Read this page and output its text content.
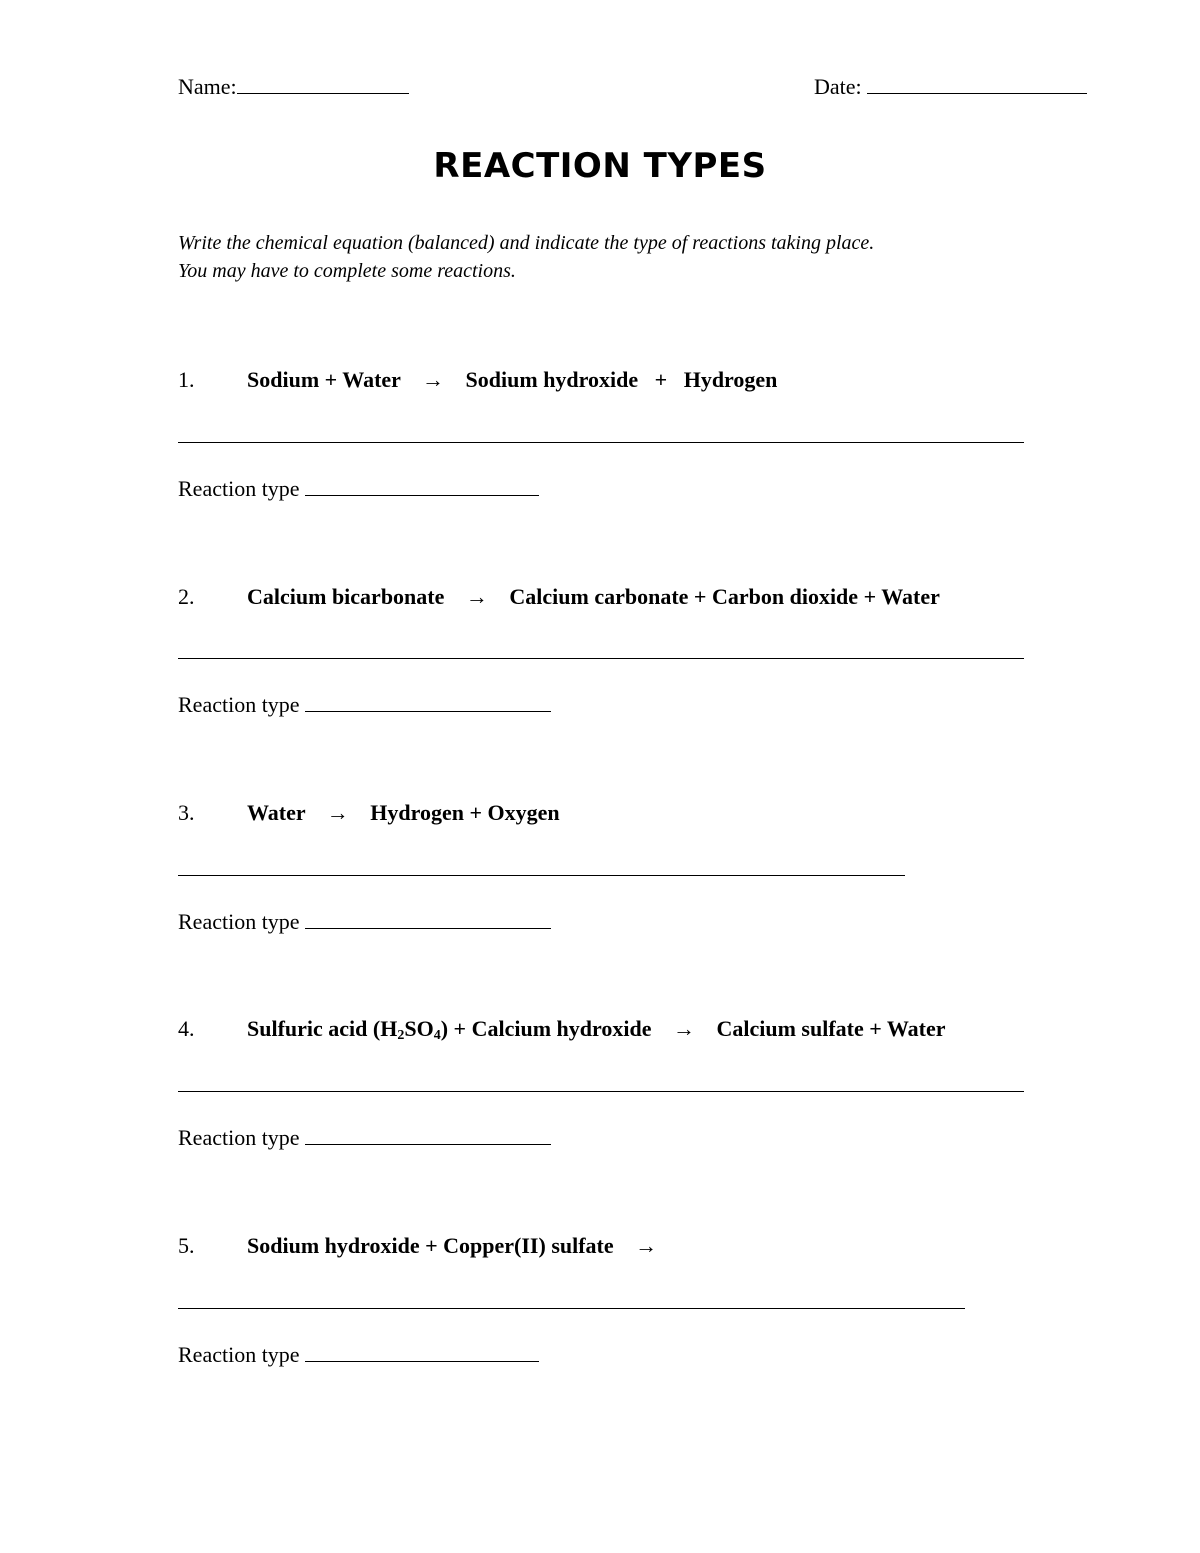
Name:	Date:
REACTION TYPES
Write the chemical equation (balanced) and indicate the type of reactions taking place.
You may have to complete some reactions.
1. Sodium + Water → Sodium hydroxide   +   Hydrogen
Reaction type
2. Calcium bicarbonate → Calcium carbonate + Carbon dioxide + Water
Reaction type
3. Water → Hydrogen + Oxygen
Reaction type
4. Sulfuric acid $(H_2SO_4)$ + Calcium hydroxide → Calcium sulfate + Water
Reaction type
5. Sodium hydroxide + Copper(II) sulfate →
Reaction type
